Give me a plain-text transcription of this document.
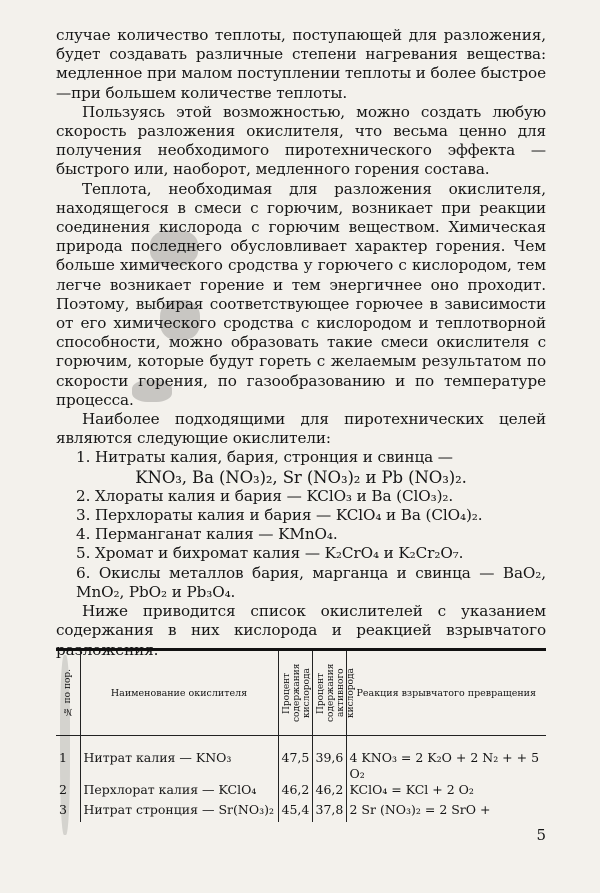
случае количество теплоты, поступающей для разложения, будет создавать различные степени нагревания вещества: медленное при малом поступлении теплоты и более быстрое—при большем количестве теплоты.

Пользуясь этой возможностью, можно создать любую скорость разложения окислителя, что весьма ценно для получения необходимого пиротехнического эффекта — быстрого или, наоборот, медленного горения состава.

Теплота, необходимая для разложения окислителя, находящегося в смеси с горючим, возникает при реакции соединения кислорода с горючим веществом. Химическая природа последнего обусловливает характер горения. Чем больше химического сродства у горючего с кислородом, тем легче возникает горение и тем энергичнее оно проходит. Поэтому, выбирая соответствующее горючее в зависимости от его химического сродства с кислородом и теплотворной способности, можно образовать такие смеси окислителя с горючим, которые будут гореть с желаемым результатом по скорости горения, по газообразованию и по температуре процесса.

Наиболее подходящими для пиротехнических целей являются следующие окислители:

1. Нитраты калия, бария, стронция и свинца —

KNO₃, Ba (NO₃)₂, Sr (NO₃)₂ и Pb (NO₃)₂.

2. Хлораты калия и бария — KClO₃ и Ba (ClO₃)₂.

3. Перхлораты калия и бария — KClO₄ и Ba (ClO₄)₂.

4. Перманганат калия — KMnO₄.

5. Хромат и бихромат калия — K₂CrO₄ и K₂Cr₂O₇.

6. Окислы металлов бария, марганца и свинца — BaO₂, MnO₂, PbO₂ и Pb₃O₄.

Ниже приводится список окислителей с указанием содержания в них кислорода и реакцией взрывчатого разложения.

№ по пор.	Наименование окислителя	Процент содержания кислорода	Процент содержания активного кислорода	Реакция взрывчатого превращения
1	Нитрат калия — KNO₃	47,5	39,6	4 KNO₃ = 2 K₂O + 2 N₂ + + 5 O₂
2	Перхлорат калия — KClO₄	46,2	46,2	KClO₄ = KCl + 2 O₂
3	Нитрат стронция — Sr(NO₃)₂	45,4	37,8	2 Sr (NO₃)₂ = 2 SrO +
5
